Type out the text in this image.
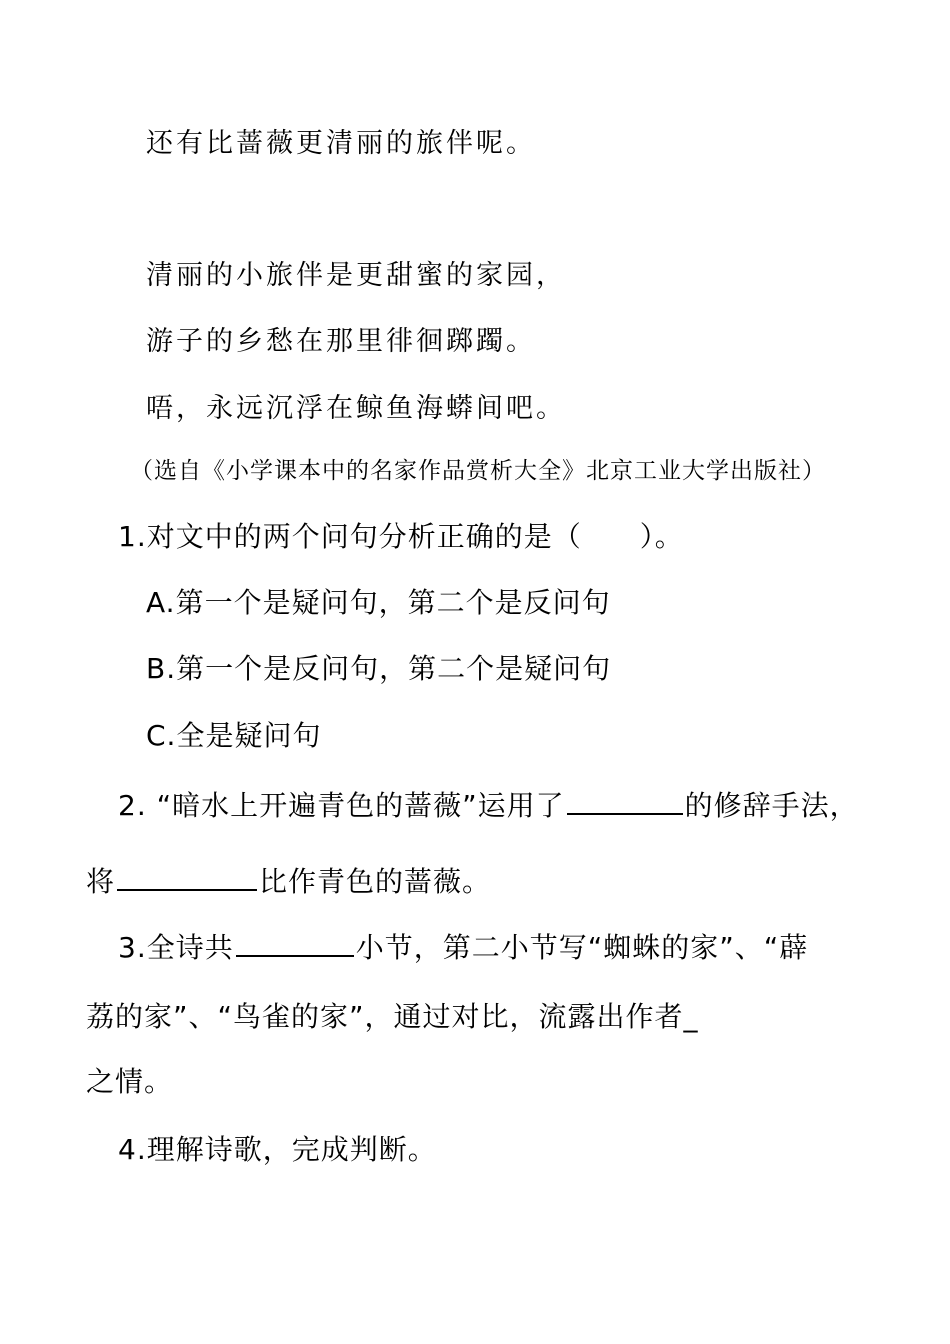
还有比蔷薇更清丽的旅伴呢。
清丽的小旅伴是更甜蜜的家园，
游子的乡愁在那里徘徊踯躅。
唔，永远沉浮在鲸鱼海蟒间吧。
（选自《小学课本中的名家作品赏析大全》北京工业大学出版社）
1.对文中的两个问句分析正确的是（　　）。
A.第一个是疑问句，第二个是反问句
B.第一个是反问句，第二个是疑问句
C.全是疑问句
2. “暗水上开遍青色的蔷薇”运用了	的修辞手法，
将	比作青色的蔷薇。
3.全诗共	小节，第二小节写“蜘蛛的家”、“薜
荔的家”、“鸟雀的家”，通过对比，流露出作者_
之情。
4.理解诗歌，完成判断。
